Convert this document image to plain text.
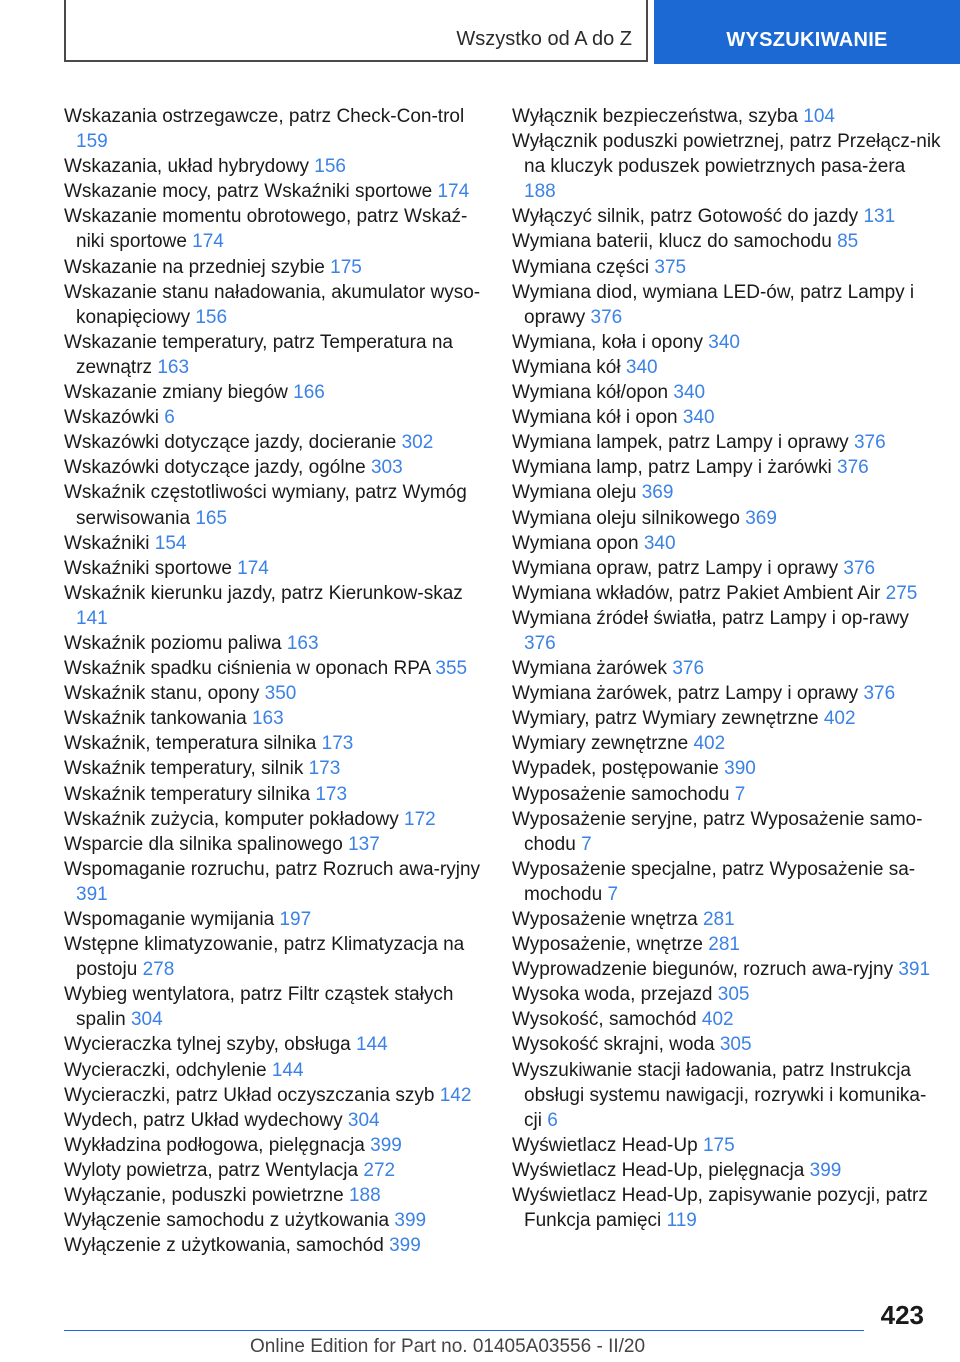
Wszystko od A do Z	WYSZUKIWANIE

Wskazania ostrzegawcze, patrz Check-Con‐trol 159

Wskazania, układ hybrydowy 156

Wskazanie mocy, patrz Wskaźniki sportowe 174

Wskazanie momentu obrotowego, patrz Wskaź‐niki sportowe 174

Wskazanie na przedniej szybie 175

Wskazanie stanu naładowania, akumulator wyso‐konapięciowy 156

Wskazanie temperatury, patrz Temperatura na zewnątrz 163

Wskazanie zmiany biegów 166

Wskazówki 6

Wskazówki dotyczące jazdy, docieranie 302

Wskazówki dotyczące jazdy, ogólne 303

Wskaźnik częstotliwości wymiany, patrz Wymóg serwisowania 165

Wskaźniki 154

Wskaźniki sportowe 174

Wskaźnik kierunku jazdy, patrz Kierunkow‐skaz 141

Wskaźnik poziomu paliwa 163

Wskaźnik spadku ciśnienia w oponach RPA 355

Wskaźnik stanu, opony 350

Wskaźnik tankowania 163

Wskaźnik, temperatura silnika 173

Wskaźnik temperatury, silnik 173

Wskaźnik temperatury silnika 173

Wskaźnik zużycia, komputer pokładowy 172

Wsparcie dla silnika spalinowego 137

Wspomaganie rozruchu, patrz Rozruch awa‐ryjny 391

Wspomaganie wymijania 197

Wstępne klimatyzowanie, patrz Klimatyzacja na postoju 278

Wybieg wentylatora, patrz Filtr cząstek stałych spalin 304

Wycieraczka tylnej szyby, obsługa 144

Wycieraczki, odchylenie 144

Wycieraczki, patrz Układ oczyszczania szyb 142

Wydech, patrz Układ wydechowy 304

Wykładzina podłogowa, pielęgnacja 399

Wyloty powietrza, patrz Wentylacja 272

Wyłączanie, poduszki powietrzne 188

Wyłączenie samochodu z użytkowania 399

Wyłączenie z użytkowania, samochód 399

Wyłącznik bezpieczeństwa, szyba 104

Wyłącznik poduszki powietrznej, patrz Przełącz‐nik na kluczyk poduszek powietrznych pasa‐żera 188

Wyłączyć silnik, patrz Gotowość do jazdy 131

Wymiana baterii, klucz do samochodu 85

Wymiana części 375

Wymiana diod, wymiana LED-ów, patrz Lampy i oprawy 376

Wymiana, koła i opony 340

Wymiana kół 340

Wymiana kół/opon 340

Wymiana kół i opon 340

Wymiana lampek, patrz Lampy i oprawy 376

Wymiana lamp, patrz Lampy i żarówki 376

Wymiana oleju 369

Wymiana oleju silnikowego 369

Wymiana opon 340

Wymiana opraw, patrz Lampy i oprawy 376

Wymiana wkładów, patrz Pakiet Ambient Air 275

Wymiana źródeł światła, patrz Lampy i op‐rawy 376

Wymiana żarówek 376

Wymiana żarówek, patrz Lampy i oprawy 376

Wymiary, patrz Wymiary zewnętrzne 402

Wymiary zewnętrzne 402

Wypadek, postępowanie 390

Wyposażenie samochodu 7

Wyposażenie seryjne, patrz Wyposażenie samo‐chodu 7

Wyposażenie specjalne, patrz Wyposażenie sa‐mochodu 7

Wyposażenie wnętrza 281

Wyposażenie, wnętrze 281

Wyprowadzenie biegunów, rozruch awa‐ryjny 391

Wysoka woda, przejazd 305

Wysokość, samochód 402

Wysokość skrajni, woda 305

Wyszukiwanie stacji ładowania, patrz Instrukcja obsługi systemu nawigacji, rozrywki i komunika‐cji 6

Wyświetlacz Head-Up 175

Wyświetlacz Head-Up, pielęgnacja 399

Wyświetlacz Head-Up, zapisywanie pozycji, patrz Funkcja pamięci 119

423
Online Edition for Part no. 01405A03556 - II/20
